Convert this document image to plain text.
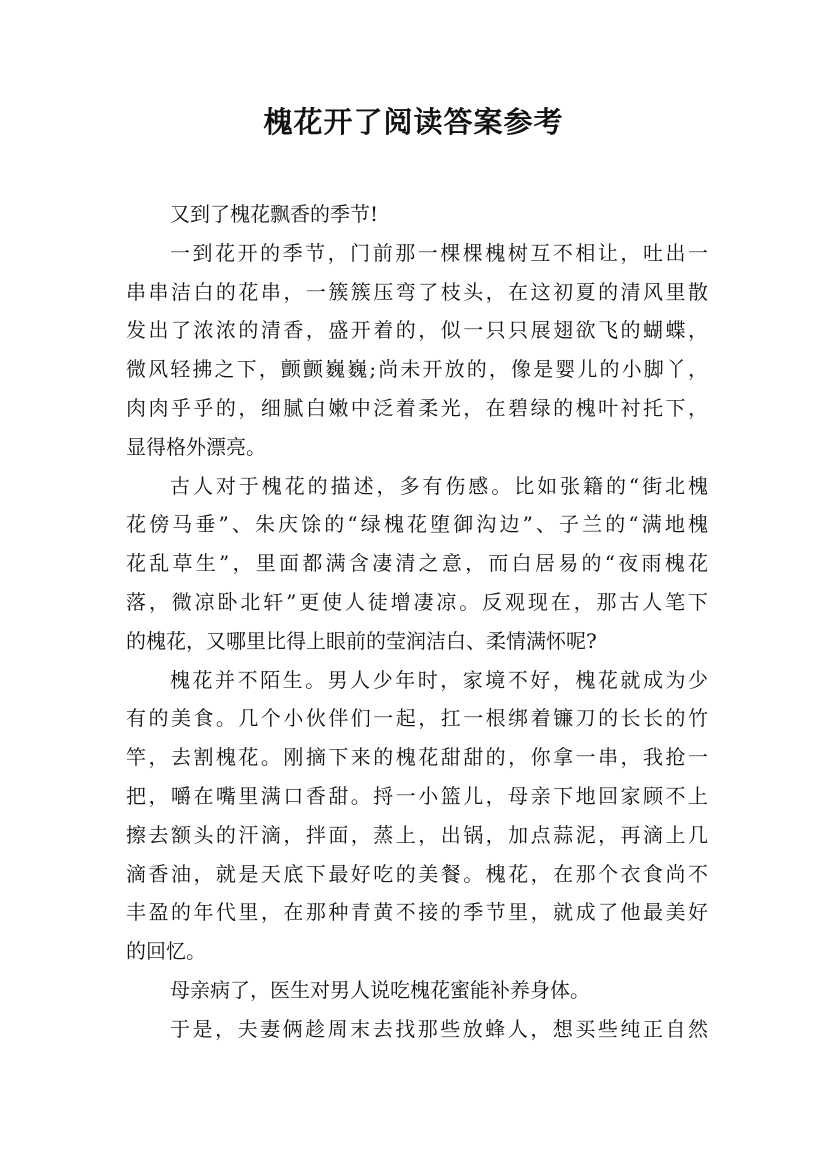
槐花开了阅读答案参考
又到了槐花飘香的季节!
一到花开的季节，门前那一棵棵槐树互不相让，吐出一
串串洁白的花串，一簇簇压弯了枝头，在这初夏的清风里散
发出了浓浓的清香，盛开着的，似一只只展翅欲飞的蝴蝶，
微风轻拂之下，颤颤巍巍;尚未开放的，像是婴儿的小脚丫，
肉肉乎乎的，细腻白嫩中泛着柔光，在碧绿的槐叶衬托下，
显得格外漂亮。
古人对于槐花的描述，多有伤感。比如张籍的“街北槐
花傍马垂”、朱庆馀的“绿槐花堕御沟边”、子兰的“满地槐
花乱草生”，里面都满含凄清之意，而白居易的“夜雨槐花
落，微凉卧北轩”更使人徒增凄凉。反观现在，那古人笔下
的槐花，又哪里比得上眼前的莹润洁白、柔情满怀呢?
槐花并不陌生。男人少年时，家境不好，槐花就成为少
有的美食。几个小伙伴们一起，扛一根绑着镰刀的长长的竹
竿，去割槐花。刚摘下来的槐花甜甜的，你拿一串，我抢一
把，嚼在嘴里满口香甜。捋一小篮儿，母亲下地回家顾不上
擦去额头的汗滴，拌面，蒸上，出锅，加点蒜泥，再滴上几
滴香油，就是天底下最好吃的美餐。槐花，在那个衣食尚不
丰盈的年代里，在那种青黄不接的季节里，就成了他最美好
的回忆。
母亲病了，医生对男人说吃槐花蜜能补养身体。
于是，夫妻俩趁周末去找那些放蜂人，想买些纯正自然
